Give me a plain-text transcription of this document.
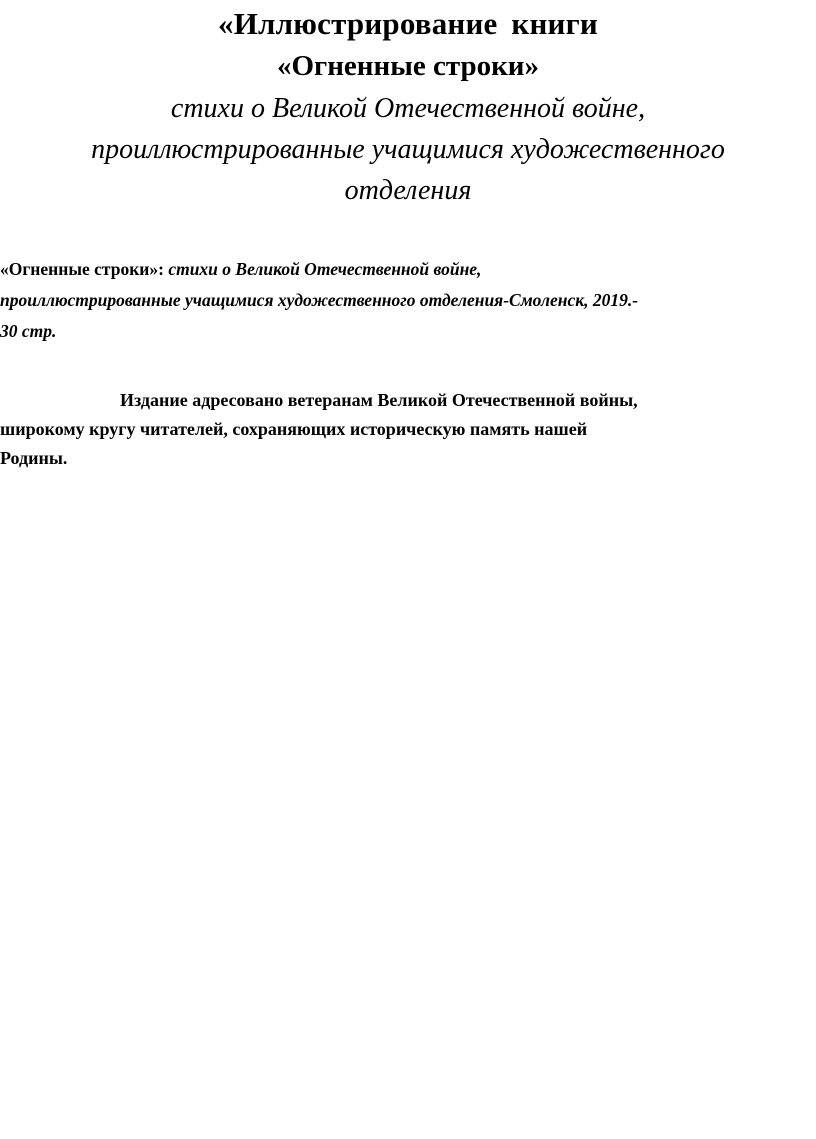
«Иллюстрирование книги
«Огненные строки»
стихи о Великой Отечественной войне,
проиллюстрированные учащимися художественного
отделения
«Огненные строки»: стихи о Великой Отечественной войне,
проиллюстрированные учащимися художественного отделения-Смоленск, 2019.-
30 стр.
Издание адресовано ветеранам Великой Отечественной войны,
широкому кругу читателей, сохраняющих историческую память нашей
Родины.
